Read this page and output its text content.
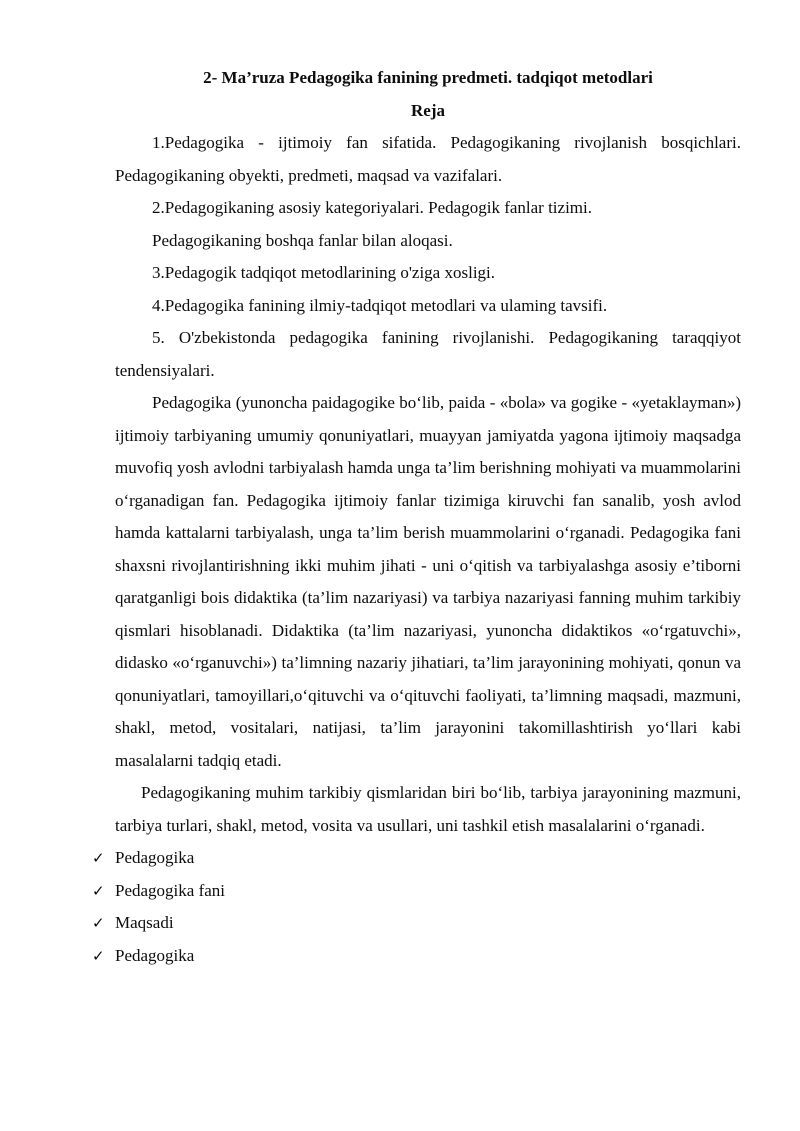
2- Ma’ruza Pedagogika fanining predmeti. tadqiqot metodlari

Reja

1.Pedagogika - ijtimoiy fan sifatida. Pedagogikaning rivojlanish bosqichlari. Pedagogikaning obyekti, predmeti, maqsad va vazifalari.

2.Pedagogikaning asosiy kategoriyalari. Pedagogik fanlar tizimi.

Pedagogikaning boshqa fanlar bilan aloqasi.

3.Pedagogik tadqiqot metodlarining o'ziga xosligi.

4.Pedagogika fanining ilmiy-tadqiqot metodlari va ulaming tavsifi.

5. O'zbekistonda pedagogika fanining rivojlanishi. Pedagogikaning taraqqiyot tendensiyalari.

Pedagogika (yunoncha paidagogike boʻlib, paida - «bola» va gogike - «yetaklayman») ijtimoiy tarbiyaning umumiy qonuniyatlari, muayyan jamiyatda yagona ijtimoiy maqsadga muvofiq yosh avlodni tarbiyalash hamda unga ta’lim berishning mohiyati va muammolarini oʻrganadigan fan. Pedagogika ijtimoiy fanlar tizimiga kiruvchi fan sanalib, yosh avlod hamda kattalarni tarbiyalash, unga ta’lim berish muammolarini oʻrganadi. Pedagogika fani shaxsni rivojlantirishning ikki muhim jihati - uni oʻqitish va tarbiyalashga asosiy e’tiborni qaratganligi bois didaktika (ta’lim nazariyasi) va tarbiya nazariyasi fanning muhim tarkibiy qismlari hisoblanadi. Didaktika (ta’lim nazariyasi, yunoncha didaktikos «oʻrgatuvchi», didasko «oʻrganuvchi») ta’limning nazariy jihatiari, ta’lim jarayonining mohiyati, qonun va qonuniyatlari, tamoyillari,oʻqituvchi va oʻqituvchi faoliyati, ta’limning maqsadi, mazmuni, shakl, metod, vositalari, natijasi, ta’lim jarayonini takomillashtirish yoʻllari kabi masalalarni tadqiq etadi.

Pedagogikaning muhim tarkibiy qismlaridan biri boʻlib, tarbiya jarayonining mazmuni, tarbiya turlari, shakl, metod, vosita va usullari, uni tashkil etish masalalarini oʻrganadi.

✓ Pedagogika
✓ Pedagogika fani
✓ Maqsadi
✓ Pedagogika
